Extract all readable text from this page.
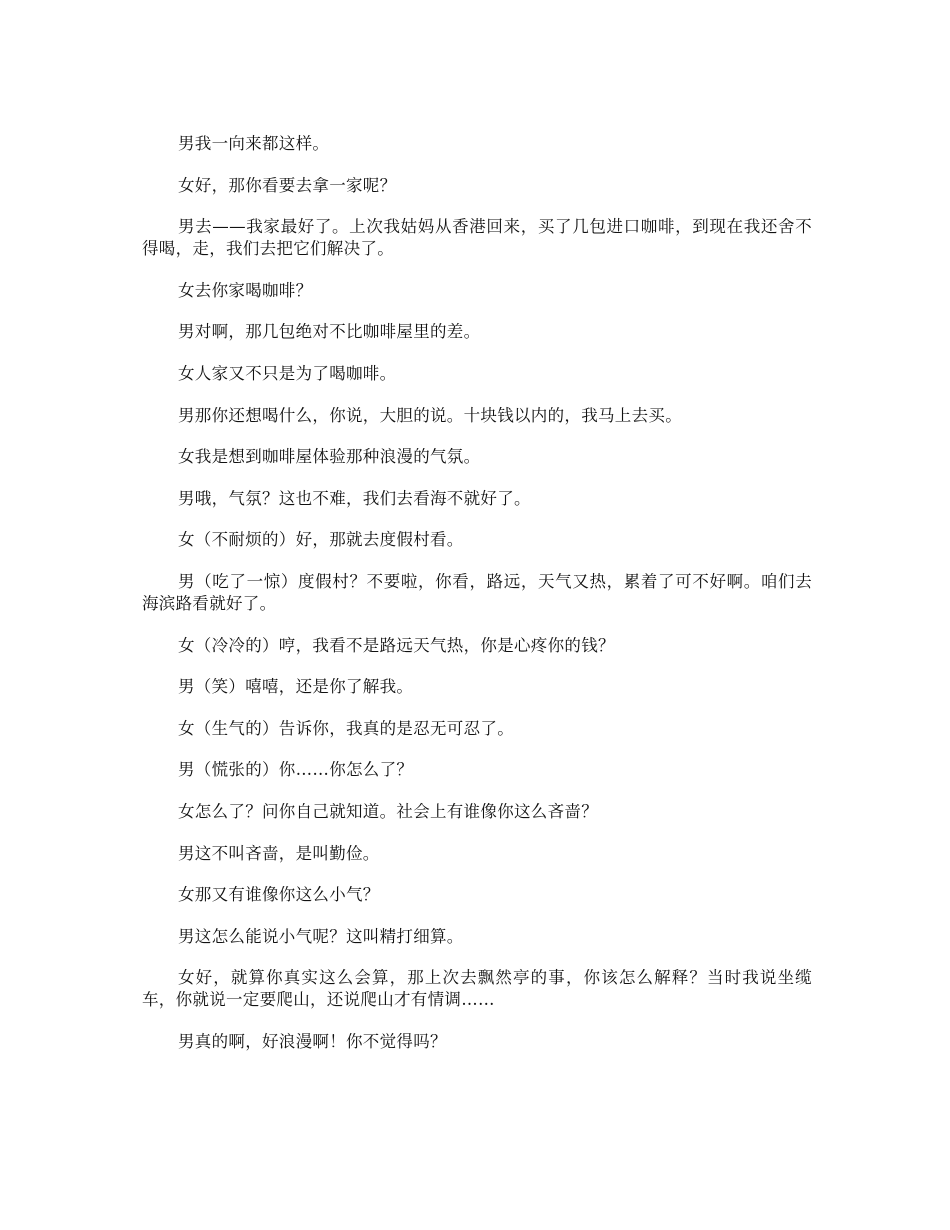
男我一向来都这样。

女好，那你看要去拿一家呢？

男去——我家最好了。上次我姑妈从香港回来，买了几包进口咖啡，到现在我还舍不得喝，走，我们去把它们解决了。

女去你家喝咖啡？

男对啊，那几包绝对不比咖啡屋里的差。

女人家又不只是为了喝咖啡。

男那你还想喝什么，你说，大胆的说。十块钱以内的，我马上去买。

女我是想到咖啡屋体验那种浪漫的气氛。

男哦，气氛？这也不难，我们去看海不就好了。

女（不耐烦的）好，那就去度假村看。

男（吃了一惊）度假村？不要啦，你看，路远，天气又热，累着了可不好啊。咱们去海滨路看就好了。

女（冷冷的）哼，我看不是路远天气热，你是心疼你的钱？

男（笑）嘻嘻，还是你了解我。

女（生气的）告诉你，我真的是忍无可忍了。

男（慌张的）你……你怎么了？

女怎么了？问你自己就知道。社会上有谁像你这么吝啬？

男这不叫吝啬，是叫勤俭。

女那又有谁像你这么小气？

男这怎么能说小气呢？这叫精打细算。

女好，就算你真实这么会算，那上次去飘然亭的事，你该怎么解释？当时我说坐缆车，你就说一定要爬山，还说爬山才有情调……

男真的啊，好浪漫啊！你不觉得吗？
